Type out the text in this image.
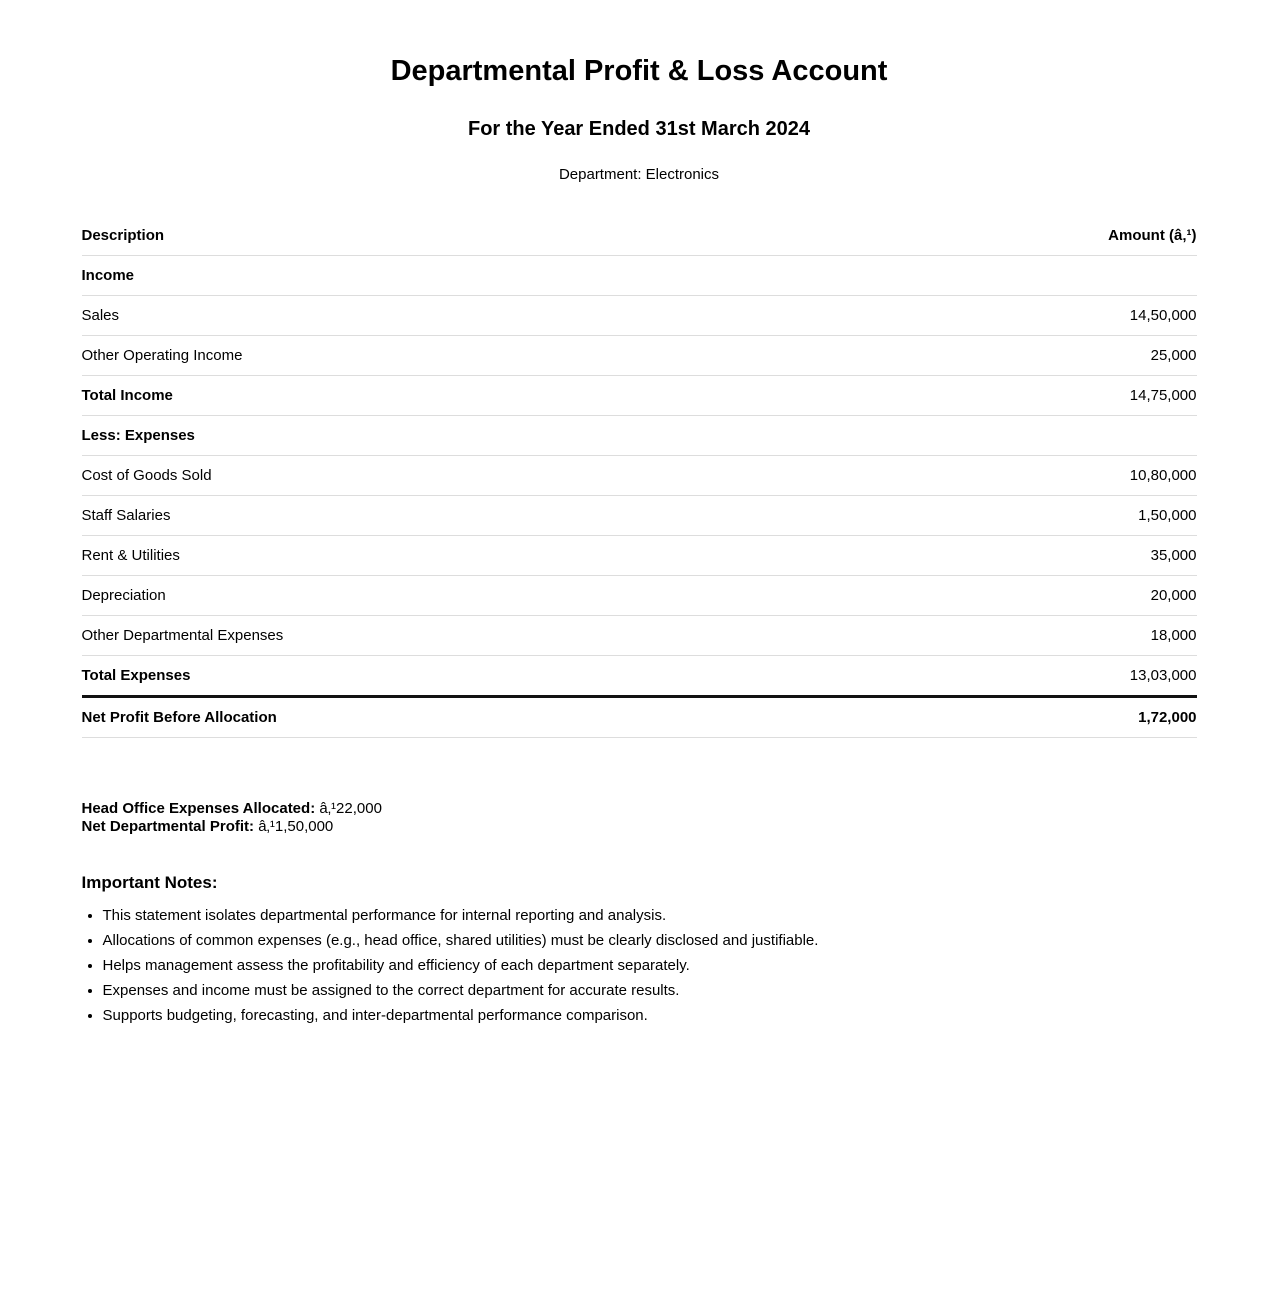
Departmental Profit & Loss Account
For the Year Ended 31st March 2024

Department: Electronics

Description	Amount (â‚¹)
Income	
Sales	14,50,000
Other Operating Income	25,000
Total Income	14,75,000
Less: Expenses	
Cost of Goods Sold	10,80,000
Staff Salaries	1,50,000
Rent & Utilities	35,000
Depreciation	20,000
Other Departmental Expenses	18,000
Total Expenses	13,03,000
Net Profit Before Allocation	1,72,000

Head Office Expenses Allocated: â‚¹22,000

Net Departmental Profit: â‚¹1,50,000

Important Notes:
• This statement isolates departmental performance for internal reporting and analysis.
• Allocations of common expenses (e.g., head office, shared utilities) must be clearly disclosed and justifiable.
• Helps management assess the profitability and efficiency of each department separately.
• Expenses and income must be assigned to the correct department for accurate results.
• Supports budgeting, forecasting, and inter-departmental performance comparison.
